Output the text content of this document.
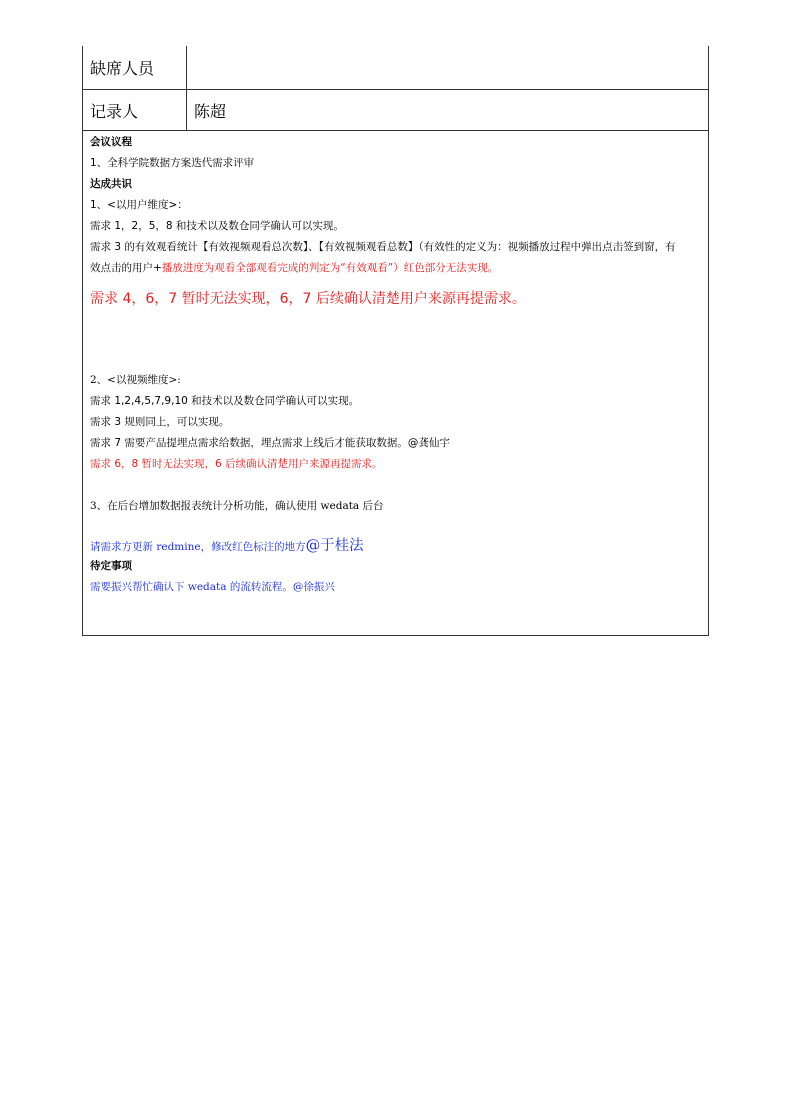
缺席人员
记录人	陈超
会议议程
1、全科学院数据方案迭代需求评审
达成共识
1、<以用户维度>：
需求 1，2，5，8 和技术以及数仓同学确认可以实现。
需求 3 的有效观看统计【有效视频观看总次数】、【有效视频观看总数】（有效性的定义为：视频播放过程中弹出点击签到窗，有
效点击的用户+播放进度为观看全部观看完成的判定为“有效观看”）红色部分无法实现。
需求 4，6，7 暂时无法实现，6，7 后续确认清楚用户来源再提需求。
2、<以视频维度>:
需求 1,2,4,5,7,9,10 和技术以及数仓同学确认可以实现。
需求 3 规则同上，可以实现。
需求 7 需要产品提埋点需求给数据，埋点需求上线后才能获取数据。@龚仙宇
需求 6，8 暂时无法实现，6 后续确认清楚用户来源再提需求。
3、在后台增加数据报表统计分析功能，确认使用 wedata 后台
请需求方更新 redmine，修改红色标注的地方@于桂法
待定事项
需要振兴帮忙确认下 wedata 的流转流程。@徐振兴
